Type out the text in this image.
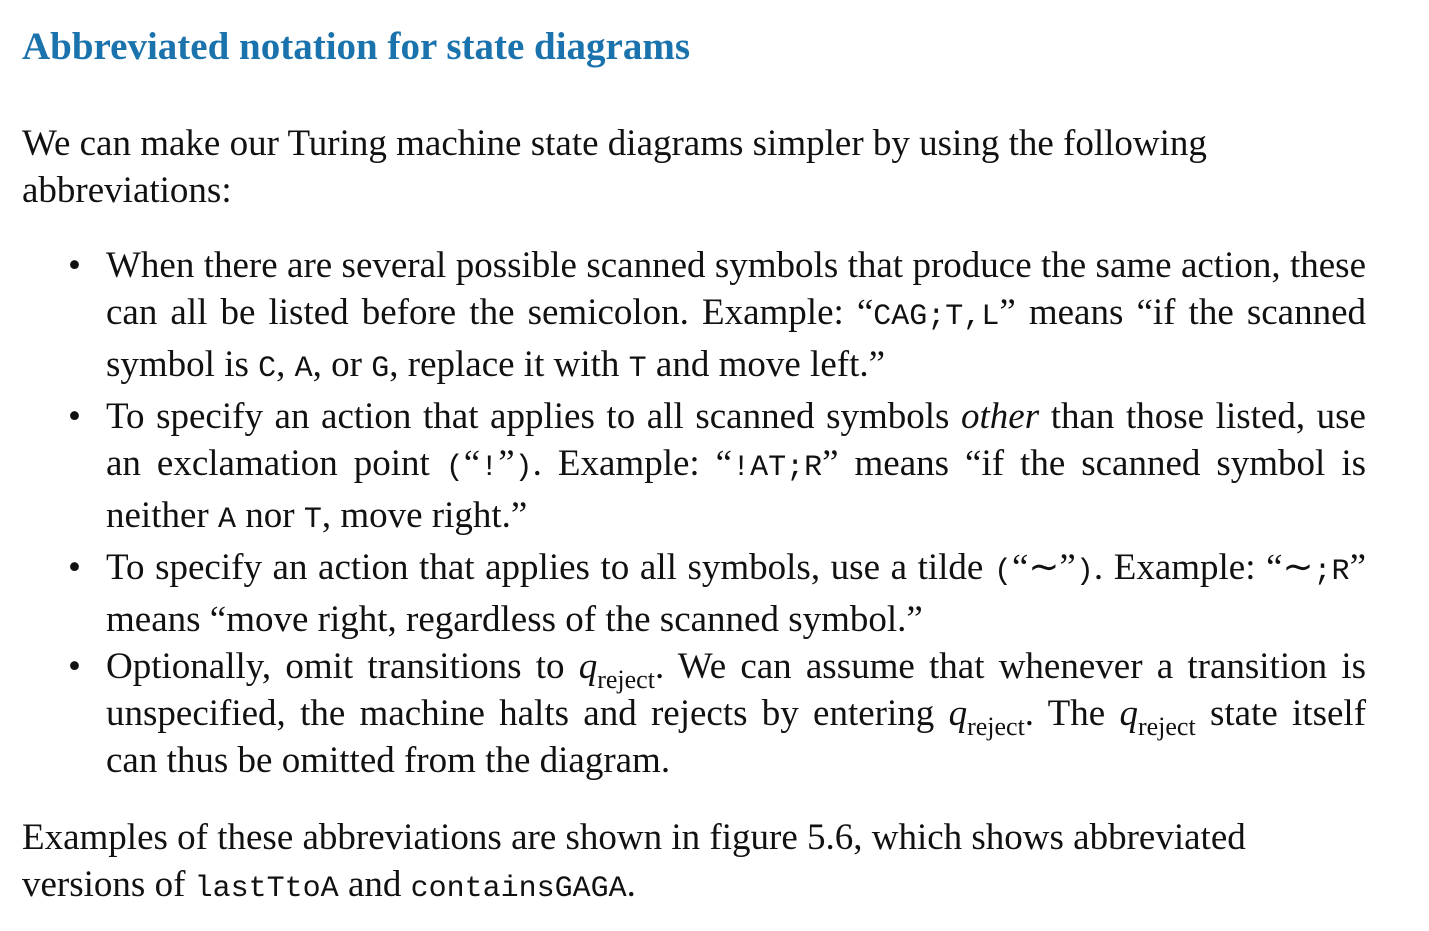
Abbreviated notation for state diagrams

We can make our Turing machine state diagrams simpler by using the following abbreviations:

• When there are several possible scanned symbols that produce the same action, these can all be listed before the semicolon. Example: “CAG;T,L” means “if the scanned symbol is C, A, or G, replace it with T and move left.”
• To specify an action that applies to all scanned symbols other than those listed, use an exclamation point (“!”). Example: “!AT;R” means “if the scanned symbol is neither A nor T, move right.”
• To specify an action that applies to all symbols, use a tilde (“∼”). Example: “∼;R” means “move right, regardless of the scanned symbol.”
• Optionally, omit transitions to $q_{reject}$. We can assume that whenever a transition is unspecified, the machine halts and rejects by entering $q_{reject}$. The $q_{reject}$ state itself can thus be omitted from the diagram.

Examples of these abbreviations are shown in figure 5.6, which shows abbreviated versions of lastTtoA and containsGAGA.
